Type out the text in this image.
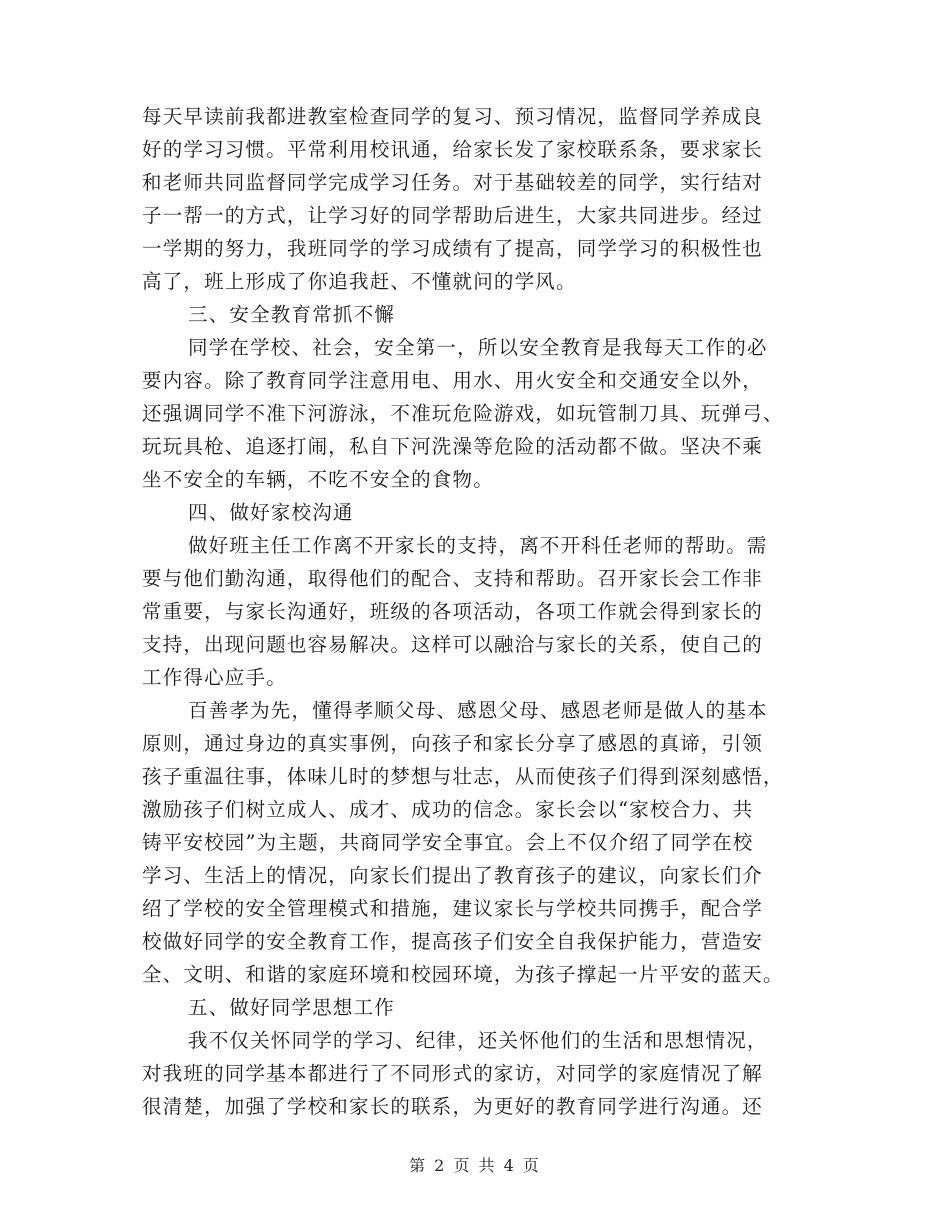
每天早读前我都进教室检查同学的复习、预习情况，监督同学养成良
好的学习习惯。平常利用校讯通，给家长发了家校联系条，要求家长
和老师共同监督同学完成学习任务。对于基础较差的同学，实行结对
子一帮一的方式，让学习好的同学帮助后进生，大家共同进步。经过
一学期的努力，我班同学的学习成绩有了提高，同学学习的积极性也
高了，班上形成了你追我赶、不懂就问的学风。
三、安全教育常抓不懈
同学在学校、社会，安全第一，所以安全教育是我每天工作的必
要内容。除了教育同学注意用电、用水、用火安全和交通安全以外，
还强调同学不准下河游泳，不准玩危险游戏，如玩管制刀具、玩弹弓、
玩玩具枪、追逐打闹，私自下河洗澡等危险的活动都不做。坚决不乘
坐不安全的车辆，不吃不安全的食物。
四、做好家校沟通
做好班主任工作离不开家长的支持，离不开科任老师的帮助。需
要与他们勤沟通，取得他们的配合、支持和帮助。召开家长会工作非
常重要，与家长沟通好，班级的各项活动，各项工作就会得到家长的
支持，出现问题也容易解决。这样可以融洽与家长的关系，使自己的
工作得心应手。
百善孝为先，懂得孝顺父母、感恩父母、感恩老师是做人的基本
原则，通过身边的真实事例，向孩子和家长分享了感恩的真谛，引领
孩子重温往事，体味儿时的梦想与壮志，从而使孩子们得到深刻感悟，
激励孩子们树立成人、成才、成功的信念。家长会以“家校合力、共
铸平安校园”为主题，共商同学安全事宜。会上不仅介绍了同学在校
学习、生活上的情况，向家长们提出了教育孩子的建议，向家长们介
绍了学校的安全管理模式和措施，建议家长与学校共同携手，配合学
校做好同学的安全教育工作，提高孩子们安全自我保护能力，营造安
全、文明、和谐的家庭环境和校园环境，为孩子撑起一片平安的蓝天。
五、做好同学思想工作
我不仅关怀同学的学习、纪律，还关怀他们的生活和思想情况，
对我班的同学基本都进行了不同形式的家访，对同学的家庭情况了解
很清楚，加强了学校和家长的联系，为更好的教育同学进行沟通。还
第 2 页 共 4 页
